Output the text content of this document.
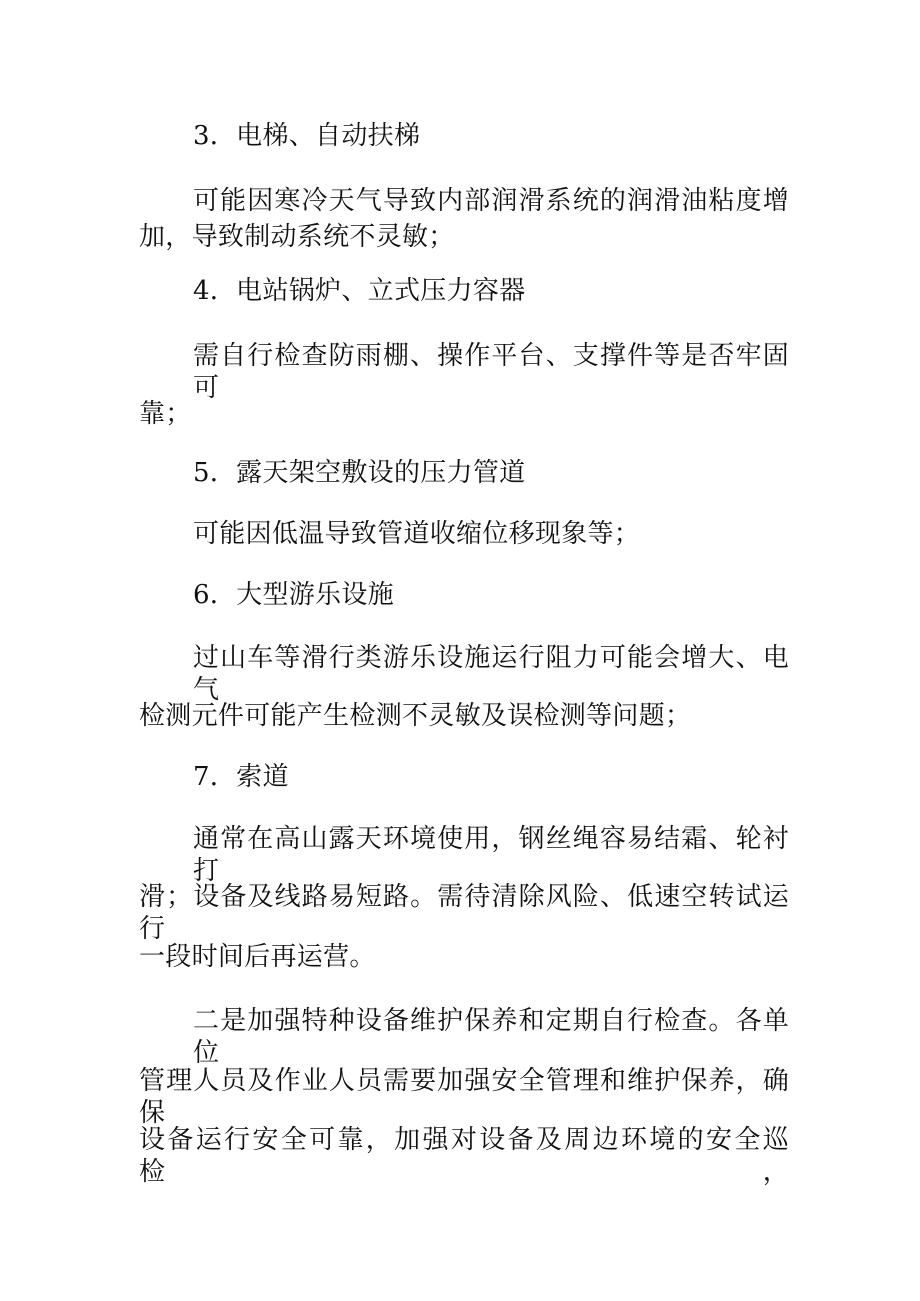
3．电梯、自动扶梯
可能因寒冷天气导致内部润滑系统的润滑油粘度增
加，导致制动系统不灵敏；
4．电站锅炉、立式压力容器
需自行检查防雨棚、操作平台、支撑件等是否牢固可
靠；
5．露天架空敷设的压力管道
可能因低温导致管道收缩位移现象等；
6．大型游乐设施
过山车等滑行类游乐设施运行阻力可能会增大、电气
检测元件可能产生检测不灵敏及误检测等问题；
7．索道
通常在高山露天环境使用，钢丝绳容易结霜、轮衬打
滑；设备及线路易短路。需待清除风险、低速空转试运行
一段时间后再运营。
二是加强特种设备维护保养和定期自行检查。各单位
管理人员及作业人员需要加强安全管理和维护保养，确保
设备运行安全可靠，加强对设备及周边环境的安全巡检，
